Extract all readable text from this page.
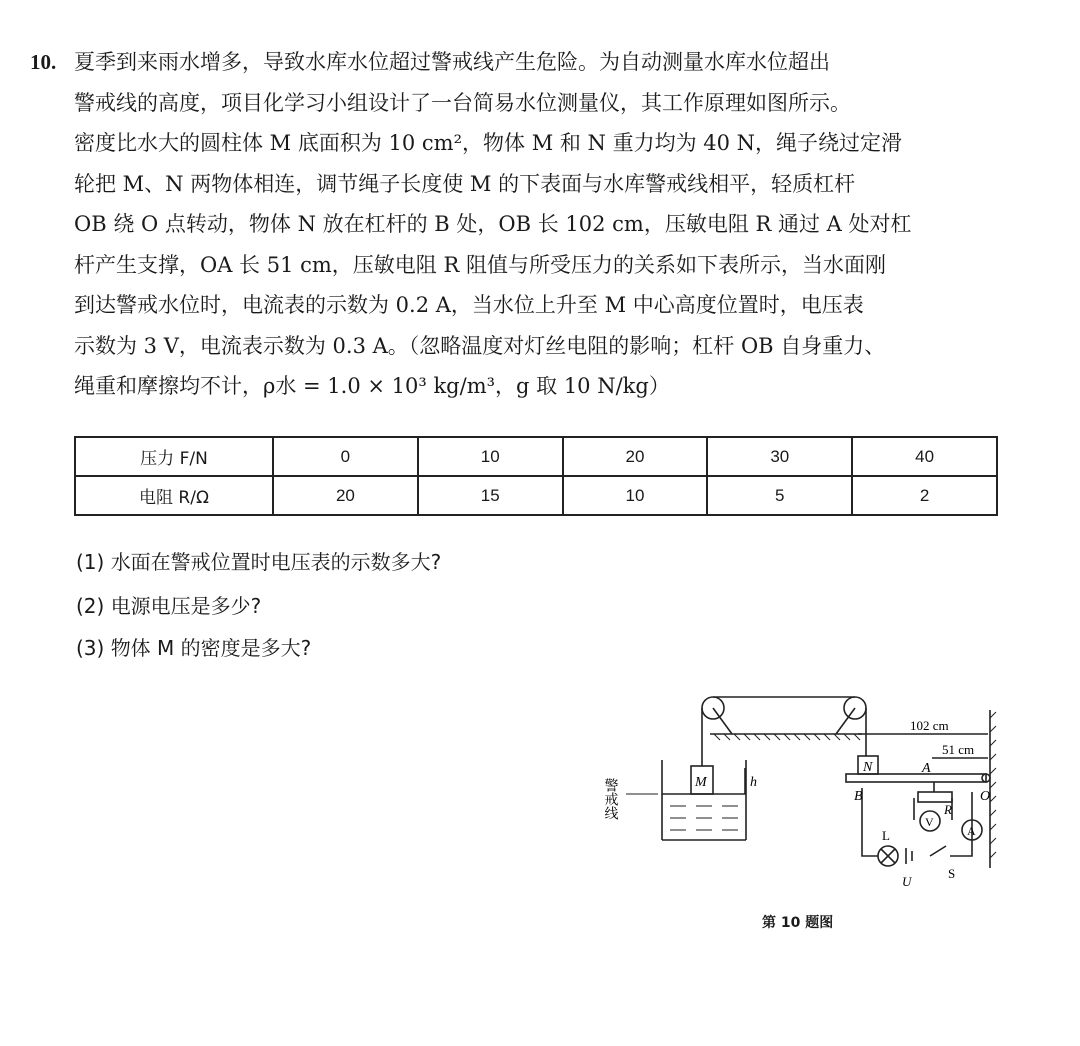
10. 夏季到来雨水增多，导致水库水位超过警戒线产生危险。为自动测量水库水位超出
警戒线的高度，项目化学习小组设计了一台简易水位测量仪，其工作原理如图所示。
密度比水大的圆柱体 M 底面积为 10 cm²，物体 M 和 N 重力均为 40 N，绳子绕过定滑
轮把 M、N 两物体相连，调节绳子长度使 M 的下表面与水库警戒线相平，轻质杠杆
OB 绕 O 点转动，物体 N 放在杠杆的 B 处，OB 长 102 cm，压敏电阻 R 通过 A 处对杠
杆产生支撑，OA 长 51 cm，压敏电阻 R 阻值与所受压力的关系如下表所示，当水面刚
到达警戒水位时，电流表的示数为 0.2 A，当水位上升至 M 中心高度位置时，电压表
示数为 3 V，电流表示数为 0.3 A。（忽略温度对灯丝电阻的影响；杠杆 OB 自身重力、
绳重和摩擦均不计，ρ水 = 1.0 × 10³ kg/m³，g 取 10 N/kg）

压力 F/N	0	10	20	30	40
电阻 R/Ω	20	15	10	5	2
(1) 水面在警戒位置时电压表的示数多大?
(2) 电源电压是多少?
(3) 物体 M 的密度是多大?
102 cm
51 cm
N
M	h
A
B	O
R
V
A
L
U
S
警戒线
第 10 题图
